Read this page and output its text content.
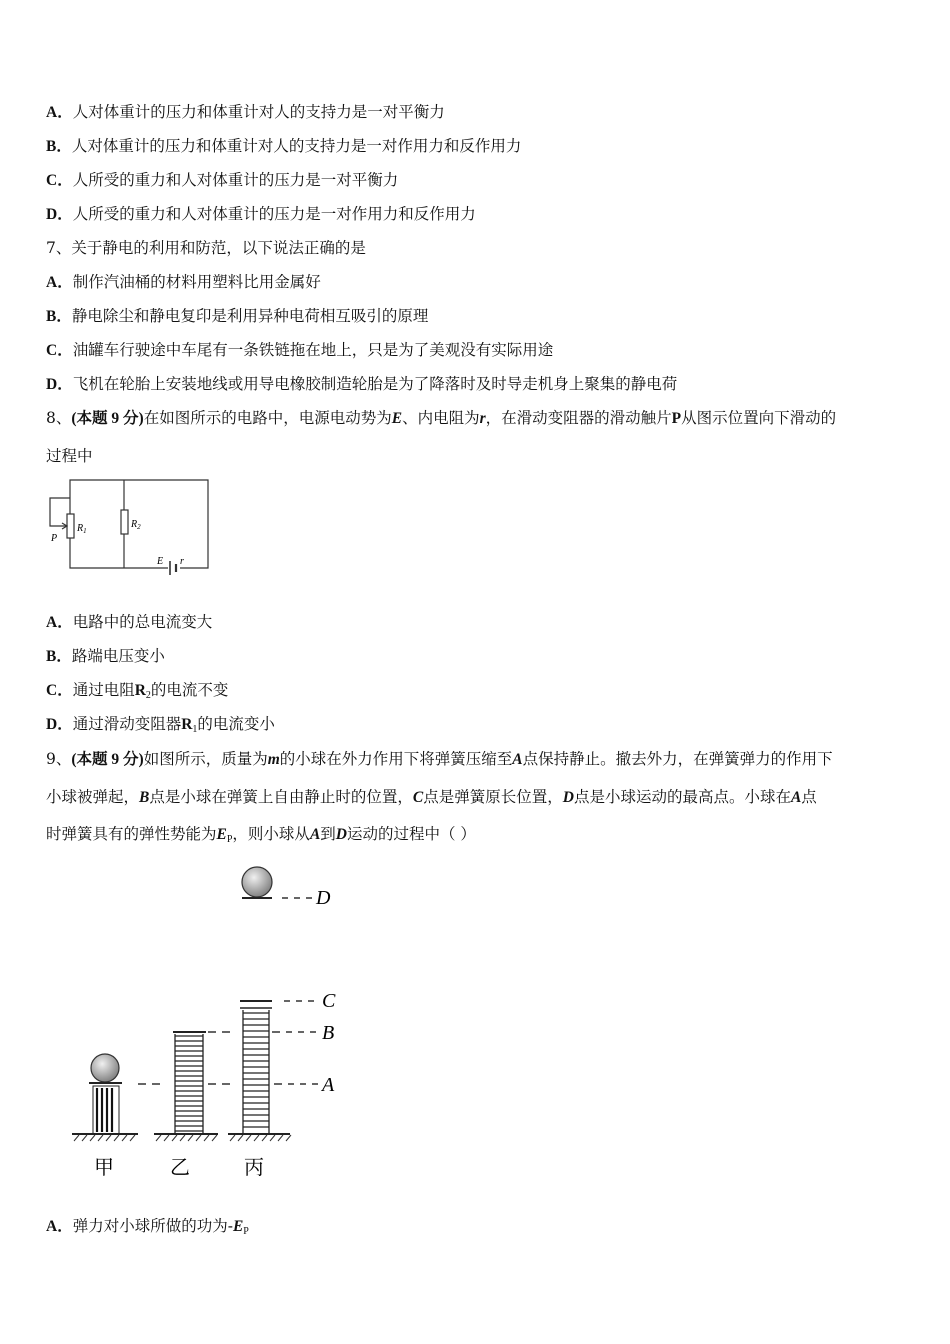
A．人对体重计的压力和体重计对人的支持力是一对平衡力
B．人对体重计的压力和体重计对人的支持力是一对作用力和反作用力
C．人所受的重力和人对体重计的压力是一对平衡力
D．人所受的重力和人对体重计的压力是一对作用力和反作用力
7、关于静电的利用和防范，以下说法正确的是
A．制作汽油桶的材料用塑料比用金属好
B．静电除尘和静电复印是利用异种电荷相互吸引的原理
C．油罐车行驶途中车尾有一条铁链拖在地上，只是为了美观没有实际用途
D．飞机在轮胎上安装地线或用导电橡胶制造轮胎是为了降落时及时导走机身上聚集的静电荷
8、(本题 9 分)在如图所示的电路中，电源电动势为E、内电阻为r，在滑动变阻器的滑动触片P从图示位置向下滑动的
过程中
$R_1$
$R_2$
P
E r
A．电路中的总电流变大
B．路端电压变小
C．通过电阻$R_2$的电流不变
D．通过滑动变阻器$R_1$的电流变小
9、(本题 9 分)如图所示，质量为m的小球在外力作用下将弹簧压缩至A点保持静止。撤去外力，在弹簧弹力的作用下
小球被弹起，B点是小球在弹簧上自由静止时的位置，C点是弹簧原长位置，D点是小球运动的最高点。小球在A点
时弹簧具有的弹性势能为$E_P$，则小球从A到D运动的过程中（ ）
D
C
B
A
甲	乙	丙
A．弹力对小球所做的功为$-E_P$
